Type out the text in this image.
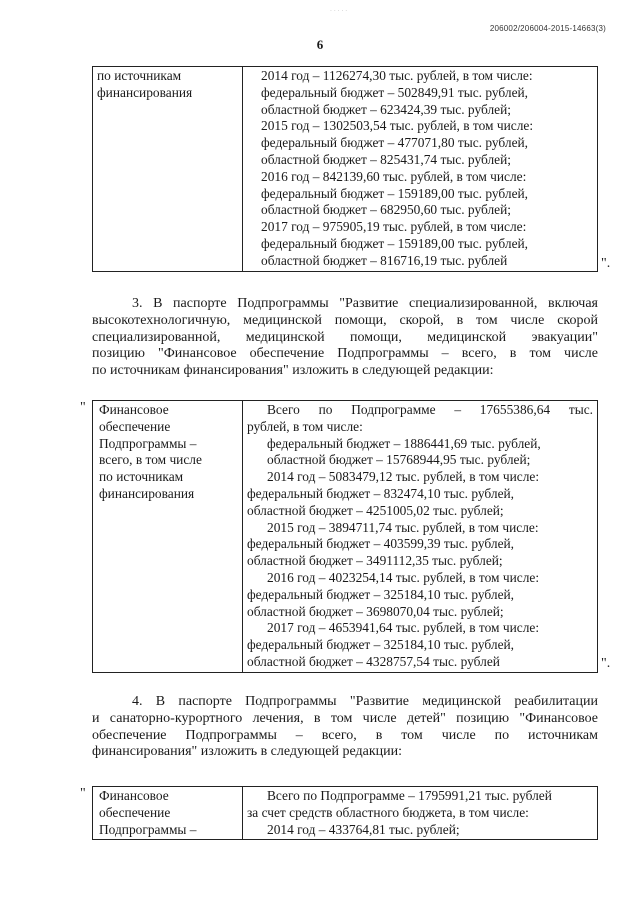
206002/206004-2015-14663(3)
6
по источникам
финансирования

2014 год – 1126274,30 тыс. рублей, в том числе:
федеральный бюджет – 502849,91 тыс. рублей,
областной бюджет – 623424,39 тыс. рублей;
2015 год – 1302503,54 тыс. рублей, в том числе:
федеральный бюджет – 477071,80 тыс. рублей,
областной бюджет – 825431,74 тыс. рублей;
2016 год – 842139,60 тыс. рублей, в том числе:
федеральный бюджет – 159189,00 тыс. рублей,
областной бюджет – 682950,60 тыс. рублей;
2017 год – 975905,19 тыс. рублей, в том числе:
федеральный бюджет – 159189,00 тыс. рублей,
областной бюджет – 816716,19 тыс. рублей	".
3. В паспорте Подпрограммы "Развитие специализированной, включая
высокотехнологичную, медицинской помощи, скорой, в том числе скорой
специализированной, медицинской помощи, медицинской эвакуации"
позицию "Финансовое обеспечение Подпрограммы – всего, в том числе
по источникам финансирования" изложить в следующей редакции:
" Финансовое
обеспечение
Подпрограммы –
всего, в том числе
по источникам
финансирования

Всего по Подпрограмме – 17655386,64 тыс.
рублей, в том числе:
федеральный бюджет – 1886441,69 тыс. рублей,
областной бюджет – 15768944,95 тыс. рублей;
2014 год – 5083479,12 тыс. рублей, в том числе:
федеральный бюджет – 832474,10 тыс. рублей,
областной бюджет – 4251005,02 тыс. рублей;
2015 год – 3894711,74 тыс. рублей, в том числе:
федеральный бюджет – 403599,39 тыс. рублей,
областной бюджет – 3491112,35 тыс. рублей;
2016 год – 4023254,14 тыс. рублей, в том числе:
федеральный бюджет – 325184,10 тыс. рублей,
областной бюджет – 3698070,04 тыс. рублей;
2017 год – 4653941,64 тыс. рублей, в том числе:
федеральный бюджет – 325184,10 тыс. рублей,
областной бюджет – 4328757,54 тыс. рублей	".
4. В паспорте Подпрограммы "Развитие медицинской реабилитации
и санаторно-курортного лечения, в том числе детей" позицию "Финансовое
обеспечение Подпрограммы – всего, в том числе по источникам
финансирования" изложить в следующей редакции:
" Финансовое
обеспечение
Подпрограммы –

Всего по Подпрограмме – 1795991,21 тыс. рублей
за счет средств областного бюджета, в том числе:
2014 год – 433764,81 тыс. рублей;
· · · · ·
